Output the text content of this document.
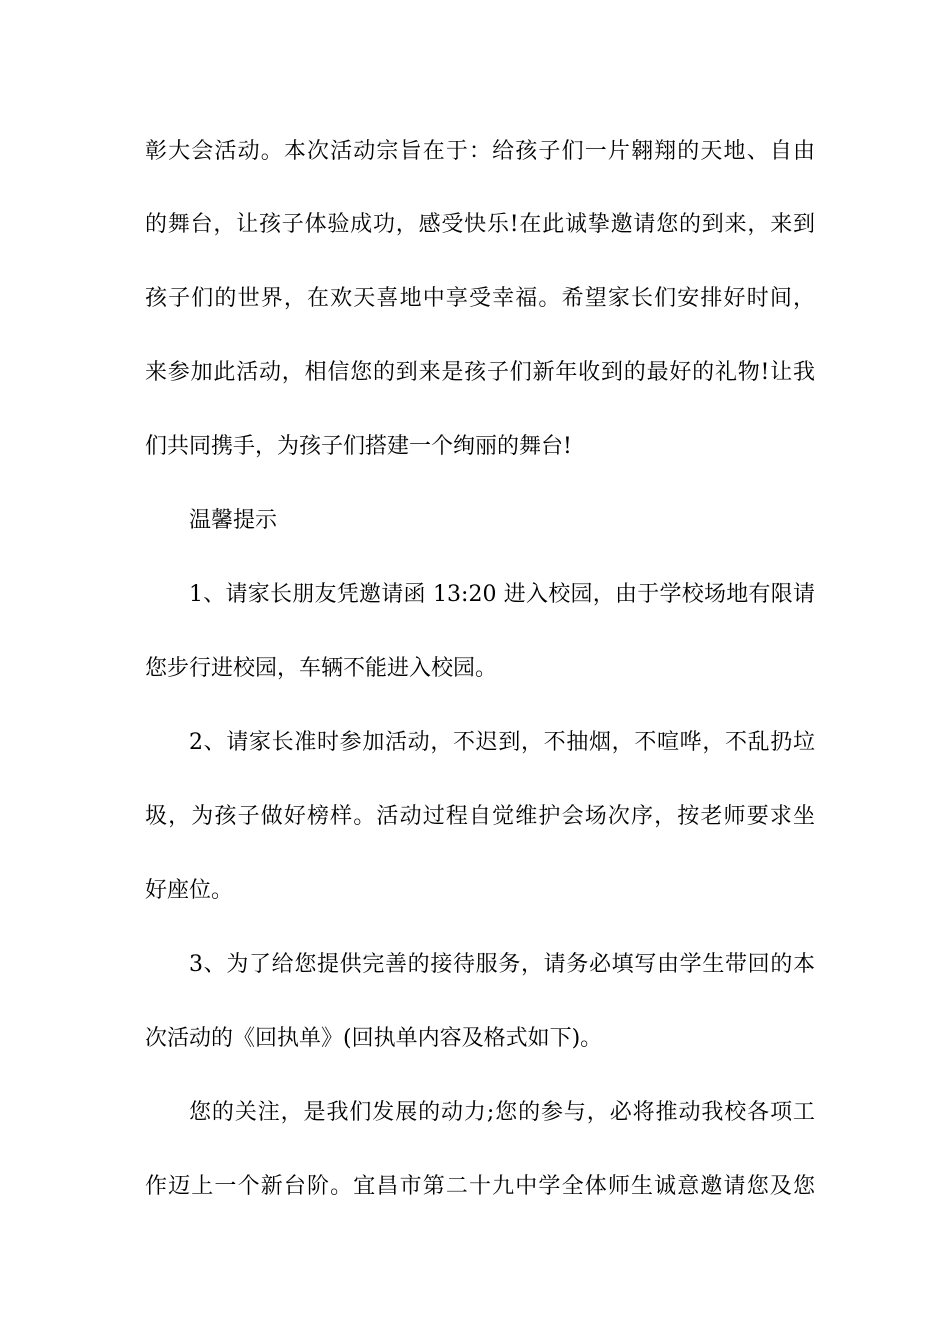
彰大会活动。本次活动宗旨在于：给孩子们一片翱翔的天地、自由
的舞台，让孩子体验成功，感受快乐!在此诚挚邀请您的到来，来到
孩子们的世界，在欢天喜地中享受幸福。希望家长们安排好时间，
来参加此活动，相信您的到来是孩子们新年收到的最好的礼物!让我
们共同携手，为孩子们搭建一个绚丽的舞台!
温馨提示
1、请家长朋友凭邀请函 13:20 进入校园，由于学校场地有限请
您步行进校园，车辆不能进入校园。
2、请家长准时参加活动，不迟到，不抽烟，不喧哗，不乱扔垃
圾，为孩子做好榜样。活动过程自觉维护会场次序，按老师要求坐
好座位。
3、为了给您提供完善的接待服务，请务必填写由学生带回的本
次活动的《回执单》(回执单内容及格式如下)。
您的关注，是我们发展的动力;您的参与，必将推动我校各项工
作迈上一个新台阶。宜昌市第二十九中学全体师生诚意邀请您及您
